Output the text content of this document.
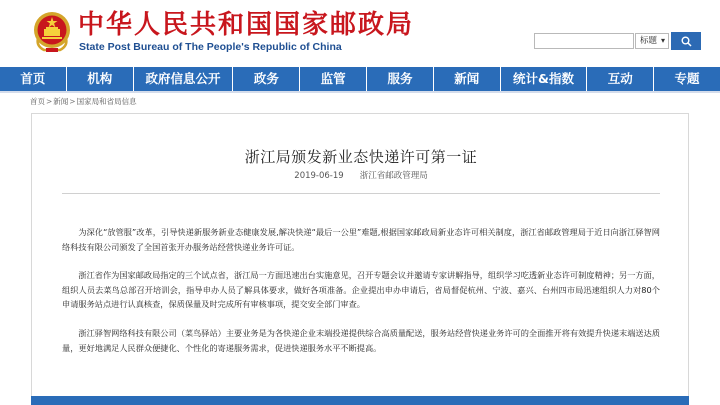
中华人民共和国国家邮政局
State Post Bureau of The People's Republic of China	标题 ▾
首页	机构	政府信息公开	政务	监管	服务	新闻	统计&指数	互动	专题
首页>新闻>国家局和省局信息
浙江局颁发新业态快递许可第一证
2019-06-19 浙江省邮政管理局

为深化“放管服”改革，引导快递新服务新业态健康发展,解决快递“最后一公里”难题,根据国家邮政局新业态许可相关制度，浙江省邮政管理局于近日向浙江驿智网络科技有限公司颁发了全国首张开办服务站经营快递业务许可证。

浙江省作为国家邮政局指定的三个试点省，浙江局一方面迅速出台实施意见，召开专题会议并邀请专家讲解指导，组织学习吃透新业态许可制度精神；另一方面，组织人员去菜鸟总部召开培训会，指导申办人员了解具体要求，做好各项准备。企业提出申办申请后，省局督促杭州、宁波、嘉兴、台州四市局迅速组织人力对80个申请服务站点进行认真核查，保质保量及时完成所有审核事项，提交安全部门审查。

浙江驿智网络科技有限公司（菜鸟驿站）主要业务是为各快递企业末端投递提供综合高质量配送，服务站经营快递业务许可的全面推开将有效提升快递末端送达质量，更好地满足人民群众便捷化、个性化的寄递服务需求，促进快递服务水平不断提高。
